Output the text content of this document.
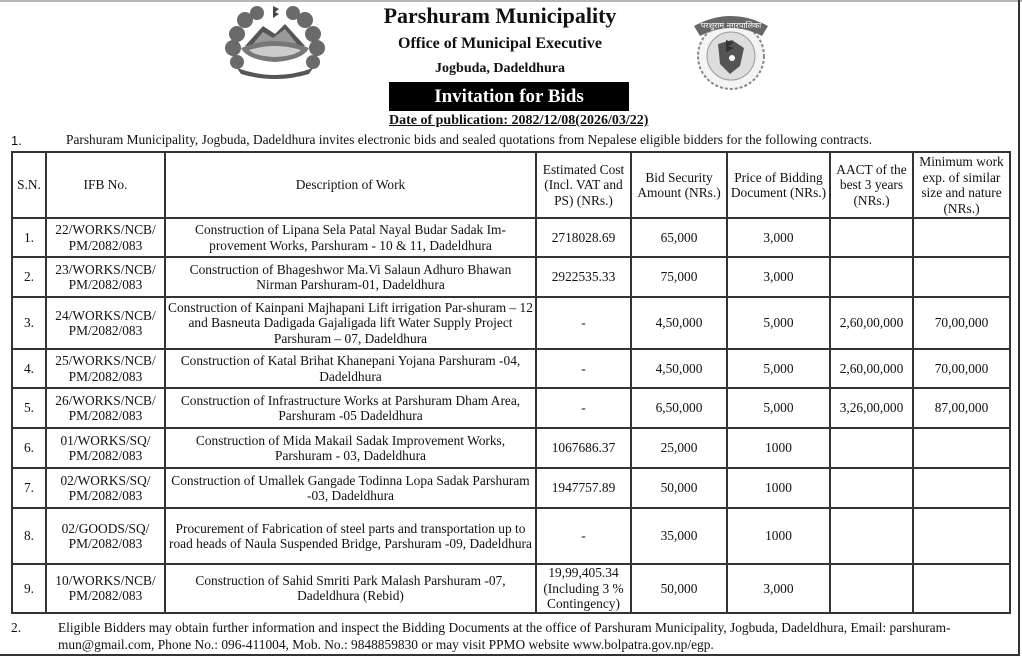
Parshuram Municipality
Office of Municipal Executive
Jogbuda, Dadeldhura
Invitation for Bids
Date of publication: 2082/12/08(2026/03/22)
परशुराम नगरपालिका
1.	Parshuram Municipality, Jogbuda, Dadeldhura invites electronic bids and sealed quotations from Nepalese eligible bidders for the following contracts.
S.N.	IFB No.	Description of Work	Estimated Cost (Incl. VAT and PS) (NRs.)	Bid Security Amount (NRs.)	Price of Bidding Document (NRs.)	AACT of the best 3 years (NRs.)	Minimum work exp. of similar size and nature (NRs.)
1.	22/WORKS/NCB/
PM/2082/083	Construction of Lipana Sela Patal Nayal Budar Sadak Im-provement Works, Parshuram - 10 & 11, Dadeldhura	2718028.69	65,000	3,000		
2.	23/WORKS/NCB/
PM/2082/083	Construction of Bhageshwor Ma.Vi Salaun Adhuro Bhawan Nirman Parshuram-01, Dadeldhura	2922535.33	75,000	3,000		
3.	24/WORKS/NCB/
PM/2082/083	Construction of Kainpani Majhapani Lift irrigation Par-shuram – 12 and Basneuta Dadigada Gajaligada lift Water Supply Project Parshuram – 07, Dadeldhura	-	4,50,000	5,000	2,60,00,000	70,00,000
4.	25/WORKS/NCB/
PM/2082/083	Construction of Katal Brihat Khanepani Yojana Parshuram -04, Dadeldhura	-	4,50,000	5,000	2,60,00,000	70,00,000
5.	26/WORKS/NCB/
PM/2082/083	Construction of Infrastructure Works at Parshuram Dham Area, Parshuram -05 Dadeldhura	-	6,50,000	5,000	3,26,00,000	87,00,000
6.	01/WORKS/SQ/
PM/2082/083	Construction of Mida Makail Sadak Improvement Works, Parshuram - 03, Dadeldhura	1067686.37	25,000	1000		
7.	02/WORKS/SQ/
PM/2082/083	Construction of Umallek Gangade Todinna Lopa Sadak Parshuram -03, Dadeldhura	1947757.89	50,000	1000		
8.	02/GOODS/SQ/
PM/2082/083	Procurement of Fabrication of steel parts and transportation up to road heads of Naula Suspended Bridge, Parshuram -09, Dadeldhura	-	35,000	1000		
9.	10/WORKS/NCB/
PM/2082/083	Construction of Sahid Smriti Park Malash Parshuram -07, Dadeldhura (Rebid)	19,99,405.34 (Including 3 % Contingency)	50,000	3,000		
2.	Eligible Bidders may obtain further information and inspect the Bidding Documents at the office of Parshuram Municipality, Jogbuda, Dadeldhura, Email: parshuram-
mun@gmail.com, Phone No.: 096-411004, Mob. No.: 9848859830 or may visit PPMO website www.bolpatra.gov.np/egp.
